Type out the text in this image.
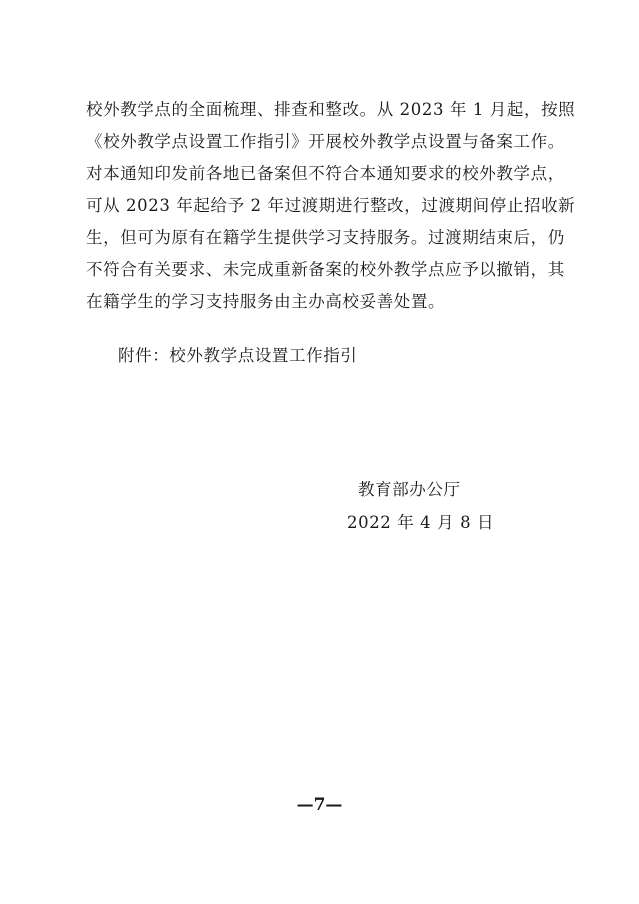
校外教学点的全面梳理、排查和整改。从 2023 年 1 月起，按照
《校外教学点设置工作指引》开展校外教学点设置与备案工作。
对本通知印发前各地已备案但不符合本通知要求的校外教学点，
可从 2023 年起给予 2 年过渡期进行整改，过渡期间停止招收新
生，但可为原有在籍学生提供学习支持服务。过渡期结束后，仍
不符合有关要求、未完成重新备案的校外教学点应予以撤销，其
在籍学生的学习支持服务由主办高校妥善处置。
附件：校外教学点设置工作指引
教育部办公厅
2022 年 4 月 8 日
—7—
